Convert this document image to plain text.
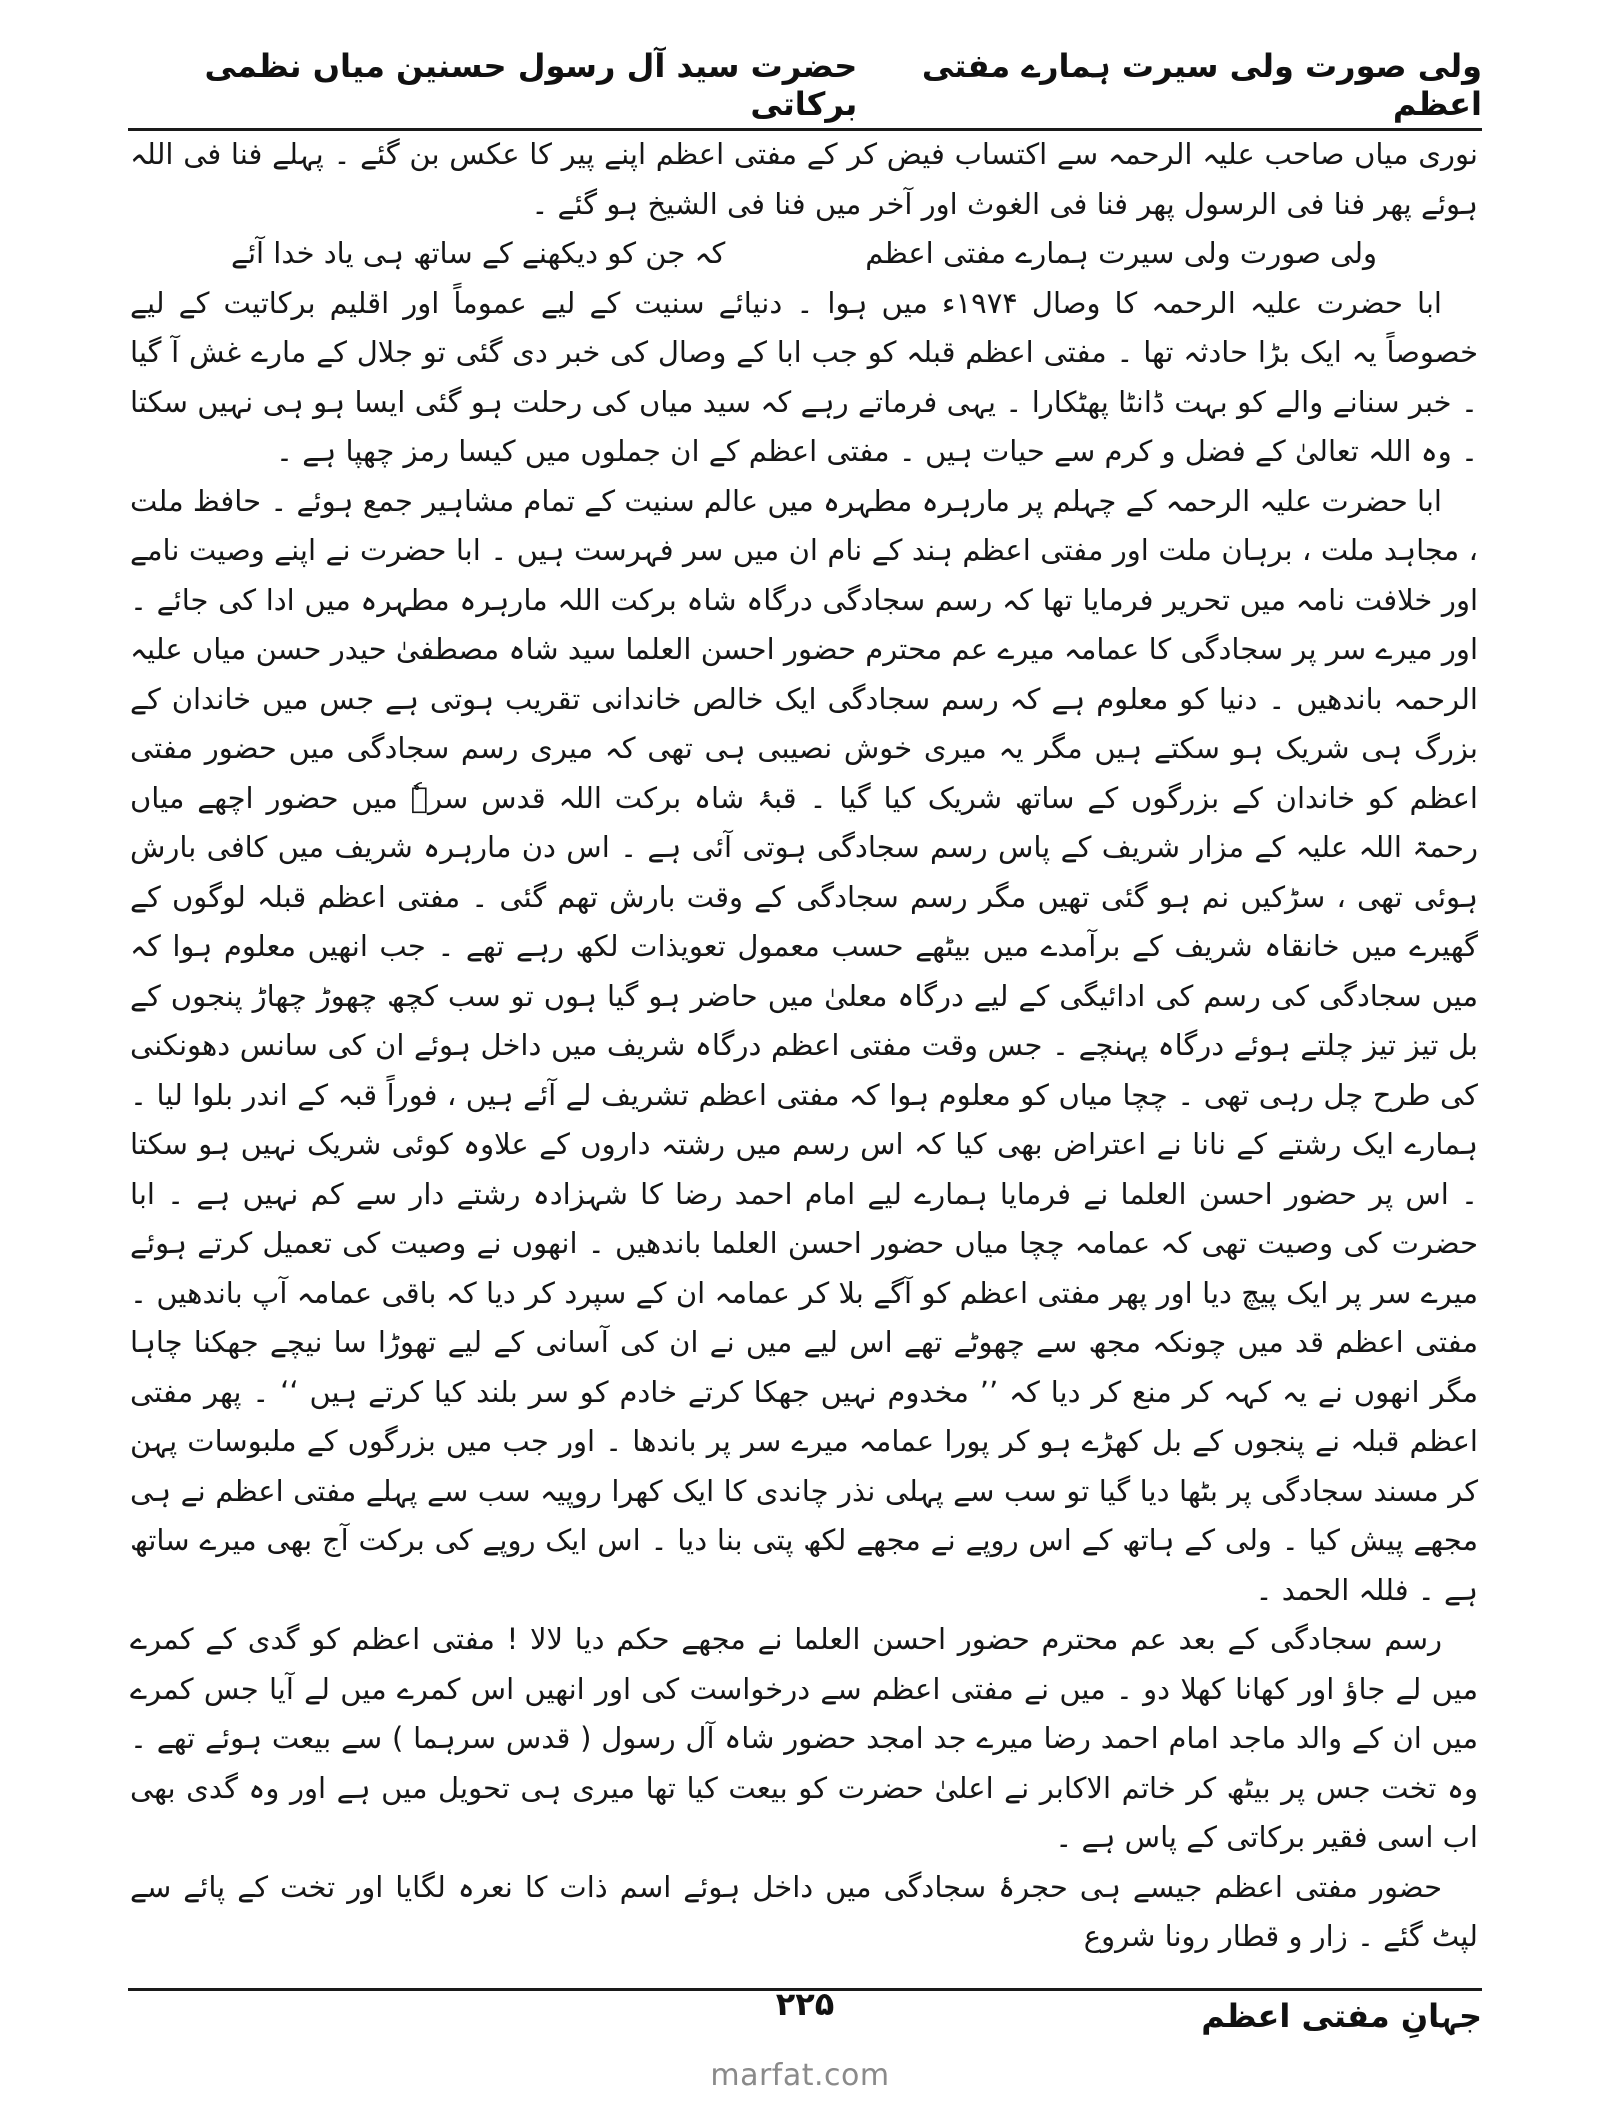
ولی صورت ولی سیرت ہمارے مفتی اعظم
حضرت سید آل رسول حسنین میاں نظمی برکاتی

نوری میاں صاحب علیہ الرحمہ سے اکتساب فیض کر کے مفتی اعظم اپنے پیر کا عکس بن گئے ۔ پہلے فنا فی اللہ ہوئے پھر فنا فی الرسول پھر فنا فی الغوث اور آخر میں فنا فی الشیخ ہو گئے ۔

ولی صورت ولی سیرت ہمارے مفتی اعظم
کہ جن کو دیکھنے کے ساتھ ہی یاد خدا آئے

ابا حضرت علیہ الرحمہ کا وصال ۱۹۷۴ء میں ہوا ۔ دنیائے سنیت کے لیے عموماً اور اقلیم برکاتیت کے لیے خصوصاً یہ ایک بڑا حادثہ تھا ۔ مفتی اعظم قبلہ کو جب ابا کے وصال کی خبر دی گئی تو جلال کے مارے غش آ گیا ۔ خبر سنانے والے کو بہت ڈانٹا پھٹکارا ۔ یہی فرماتے رہے کہ سید میاں کی رحلت ہو گئی ایسا ہو ہی نہیں سکتا ۔ وہ اللہ تعالیٰ کے فضل و کرم سے حیات ہیں ۔ مفتی اعظم کے ان جملوں میں کیسا رمز چھپا ہے ۔

ابا حضرت علیہ الرحمہ کے چہلم پر مارہرہ مطہرہ میں عالم سنیت کے تمام مشاہیر جمع ہوئے ۔ حافظ ملت ، مجاہد ملت ، برہان ملت اور مفتی اعظم ہند کے نام ان میں سر فہرست ہیں ۔ ابا حضرت نے اپنے وصیت نامے اور خلافت نامہ میں تحریر فرمایا تھا کہ رسم سجادگی درگاہ شاہ برکت اللہ مارہرہ مطہرہ میں ادا کی جائے ۔ اور میرے سر پر سجادگی کا عمامہ میرے عم محترم حضور احسن العلما سید شاہ مصطفیٰ حیدر حسن میاں علیہ الرحمہ باندھیں ۔ دنیا کو معلوم ہے کہ رسم سجادگی ایک خالص خاندانی تقریب ہوتی ہے جس میں خاندان کے بزرگ ہی شریک ہو سکتے ہیں مگر یہ میری خوش نصیبی ہی تھی کہ میری رسم سجادگی میں حضور مفتی اعظم کو خاندان کے بزرگوں کے ساتھ شریک کیا گیا ۔ قبۂ شاہ برکت اللہ قدس سرہٗ میں حضور اچھے میاں رحمۃ اللہ علیہ کے مزار شریف کے پاس رسم سجادگی ہوتی آئی ہے ۔ اس دن مارہرہ شریف میں کافی بارش ہوئی تھی ، سڑکیں نم ہو گئی تھیں مگر رسم سجادگی کے وقت بارش تھم گئی ۔ مفتی اعظم قبلہ لوگوں کے گھیرے میں خانقاہ شریف کے برآمدے میں بیٹھے حسب معمول تعویذات لکھ رہے تھے ۔ جب انھیں معلوم ہوا کہ میں سجادگی کی رسم کی ادائیگی کے لیے درگاہ معلیٰ میں حاضر ہو گیا ہوں تو سب کچھ چھوڑ چھاڑ پنجوں کے بل تیز تیز چلتے ہوئے درگاہ پہنچے ۔ جس وقت مفتی اعظم درگاہ شریف میں داخل ہوئے ان کی سانس دھونکنی کی طرح چل رہی تھی ۔ چچا میاں کو معلوم ہوا کہ مفتی اعظم تشریف لے آئے ہیں ، فوراً قبہ کے اندر بلوا لیا ۔ ہمارے ایک رشتے کے نانا نے اعتراض بھی کیا کہ اس رسم میں رشتہ داروں کے علاوہ کوئی شریک نہیں ہو سکتا ۔ اس پر حضور احسن العلما نے فرمایا ہمارے لیے امام احمد رضا کا شہزادہ رشتے دار سے کم نہیں ہے ۔ ابا حضرت کی وصیت تھی کہ عمامہ چچا میاں حضور احسن العلما باندھیں ۔ انھوں نے وصیت کی تعمیل کرتے ہوئے میرے سر پر ایک پیچ دیا اور پھر مفتی اعظم کو آگے بلا کر عمامہ ان کے سپرد کر دیا کہ باقی عمامہ آپ باندھیں ۔ مفتی اعظم قد میں چونکہ مجھ سے چھوٹے تھے اس لیے میں نے ان کی آسانی کے لیے تھوڑا سا نیچے جھکنا چاہا مگر انھوں نے یہ کہہ کر منع کر دیا کہ ’’ مخدوم نہیں جھکا کرتے خادم کو سر بلند کیا کرتے ہیں ‘‘ ۔ پھر مفتی اعظم قبلہ نے پنجوں کے بل کھڑے ہو کر پورا عمامہ میرے سر پر باندھا ۔ اور جب میں بزرگوں کے ملبوسات پہن کر مسند سجادگی پر بٹھا دیا گیا تو سب سے پہلی نذر چاندی کا ایک کھرا روپیہ سب سے پہلے مفتی اعظم نے ہی مجھے پیش کیا ۔ ولی کے ہاتھ کے اس روپے نے مجھے لکھ پتی بنا دیا ۔ اس ایک روپے کی برکت آج بھی میرے ساتھ ہے ۔ فللہ الحمد ۔

رسم سجادگی کے بعد عم محترم حضور احسن العلما نے مجھے حکم دیا لالا ! مفتی اعظم کو گدی کے کمرے میں لے جاؤ اور کھانا کھلا دو ۔ میں نے مفتی اعظم سے درخواست کی اور انھیں اس کمرے میں لے آیا جس کمرے میں ان کے والد ماجد امام احمد رضا میرے جد امجد حضور شاہ آل رسول ( قدس سرہما ) سے بیعت ہوئے تھے ۔ وہ تخت جس پر بیٹھ کر خاتم الاکابر نے اعلیٰ حضرت کو بیعت کیا تھا میری ہی تحویل میں ہے اور وہ گدی بھی اب اسی فقیر برکاتی کے پاس ہے ۔

حضور مفتی اعظم جیسے ہی حجرۂ سجادگی میں داخل ہوئے اسم ذات کا نعرہ لگایا اور تخت کے پائے سے لپٹ گئے ۔ زار و قطار رونا شروع

۲۲۵	جہانِ مفتی اعظم
marfat.com
